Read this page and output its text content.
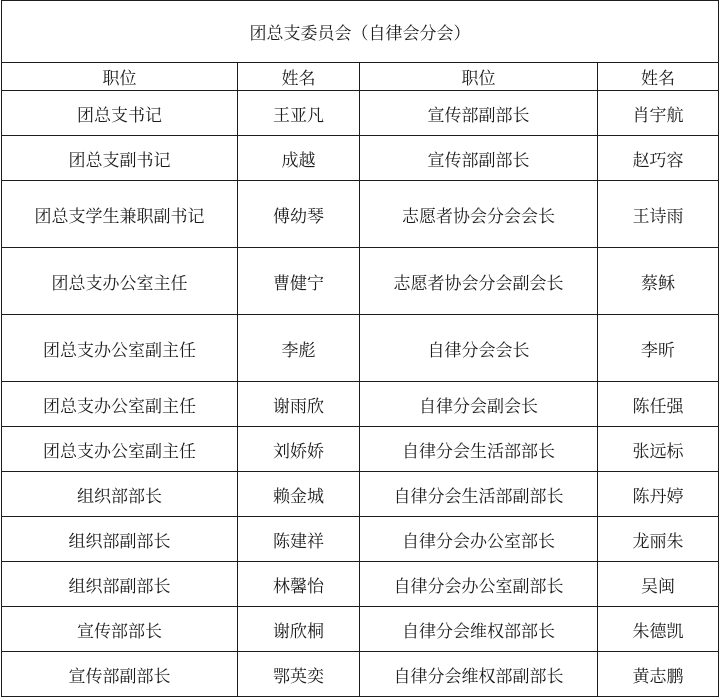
团总支委员会（自律会分会）			
职位	姓名	职位	姓名
团总支书记	王亚凡	宣传部副部长	肖宇航
团总支副书记	成越	宣传部副部长	赵巧容
团总支学生兼职副书记	傅幼琴	志愿者协会分会会长	王诗雨
团总支办公室主任	曹健宁	志愿者协会分会副会长	蔡稣
团总支办公室副主任	李彪	自律分会会长	李昕
团总支办公室副主任	谢雨欣	自律分会副会长	陈任强
团总支办公室副主任	刘娇娇	自律分会生活部部长	张远标
组织部部长	赖金城	自律分会生活部副部长	陈丹婷
组织部副部长	陈建祥	自律分会办公室部长	龙丽朱
组织部副部长	林馨怡	自律分会办公室副部长	吴闽
宣传部部长	谢欣桐	自律分会维权部部长	朱德凯
宣传部副部长	鄂英奕	自律分会维权部副部长	黄志鹏
